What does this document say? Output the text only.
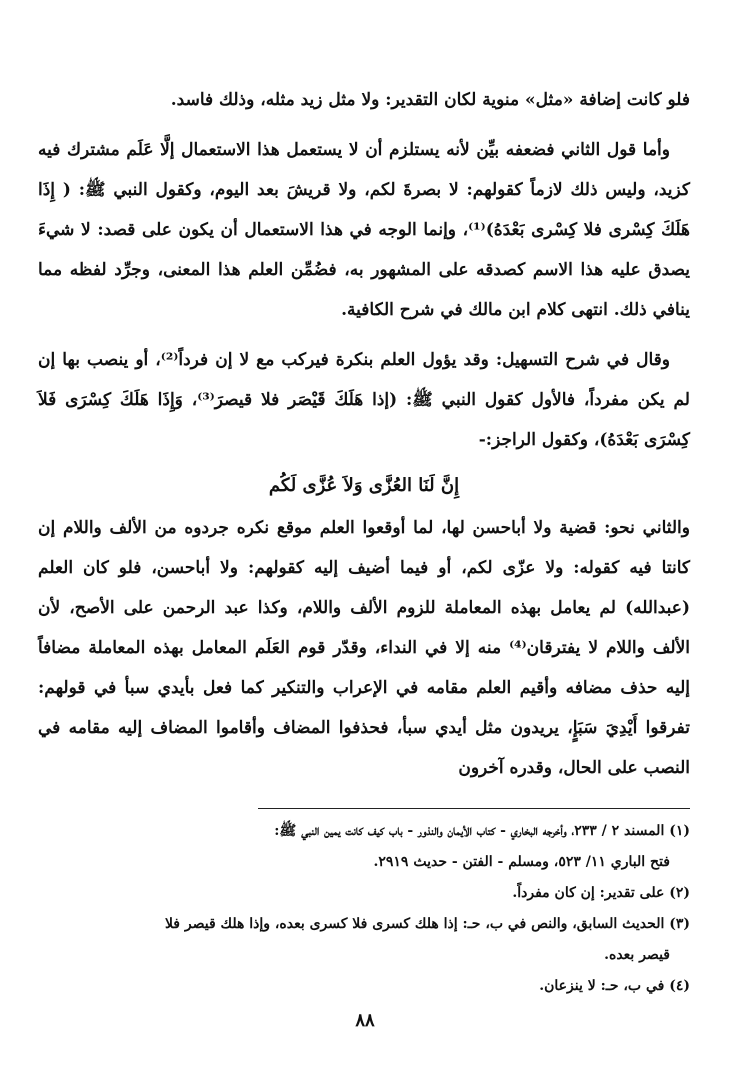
فلو كانت إضافة «مثل» منوية لكان التقدير: ولا مثل زيد مثله، وذلك فاسد.

وأما قول الثاني فضعفه بيِّن لأنه يستلزم أن لا يستعمل هذا الاستعمال إلَّا عَلَم مشترك فيه كزيد، وليس ذلك لازماً كقولهم: لا بصرةَ لكم، ولا قريشَ بعد اليوم، وكقول النبي ﷺ: ( إِذَا هَلَكَ كِسْرى فلا كِسْرى بَعْدَهُ)⁽¹⁾، وإنما الوجه في هذا الاستعمال أن يكون على قصد: لا شيءَ يصدق عليه هذا الاسم كصدقه على المشهور به، فضُمِّن العلم هذا المعنى، وجرِّد لفظه مما ينافي ذلك. انتهى كلام ابن مالك في شرح الكافية.

وقال في شرح التسهيل: وقد يؤول العلم بنكرة فيركب مع لا إن فرداً⁽²⁾، أو ينصب بها إن لم يكن مفرداً، فالأول كقول النبي ﷺ: (إذا هَلَكَ قَيْصَر فلا قيصرَ⁽³⁾، وَإِذَا هَلَكَ كِسْرَى فَلاَ كِسْرَى بَعْدَهُ)، وكقول الراجز:-

إِنَّ لَنَا العُزَّى وَلاَ عُزَّى لَكُم

والثاني نحو: قضية ولا أباحسن لها، لما أوقعوا العلم موقع نكره جردوه من الألف واللام إن كانتا فيه كقوله: ولا عزّى لكم، أو فيما أضيف إليه كقولهم: ولا أباحسن، فلو كان العلم (عبدالله) لم يعامل بهذه المعاملة للزوم الألف واللام، وكذا عبد الرحمن على الأصح، لأن الألف واللام لا يفترقان⁽⁴⁾ منه إلا في النداء، وقدّر قوم العَلَم المعامل بهذه المعاملة مضافاً إليه حذف مضافه وأقيم العلم مقامه في الإعراب والتنكير كما فعل بأيدي سبأ في قولهم: تفرقوا أَيْدِيَ سَبَإٍ، يريدون مثل أيدي سبأ، فحذفوا المضاف وأقاموا المضاف إليه مقامه في النصب على الحال، وقدره آخرون

(١) المسند ٢ / ٢٣٣، وأخرجه البخاري - كتاب الأيمان والنذور - باب كيف كانت يمين النبي ﷺ:

فتح الباري ١١/ ٥٢٣، ومسلم - الفتن - حديث ٢٩١٩.

(٢) على تقدير: إن كان مفرداً.

(٣) الحديث السابق، والنص في ب، حـ: إذا هلك كسرى فلا كسرى بعده، وإذا هلك قيصر فلا

قيصر بعده.

(٤) في ب، حـ: لا ينزعان.

٨٨
